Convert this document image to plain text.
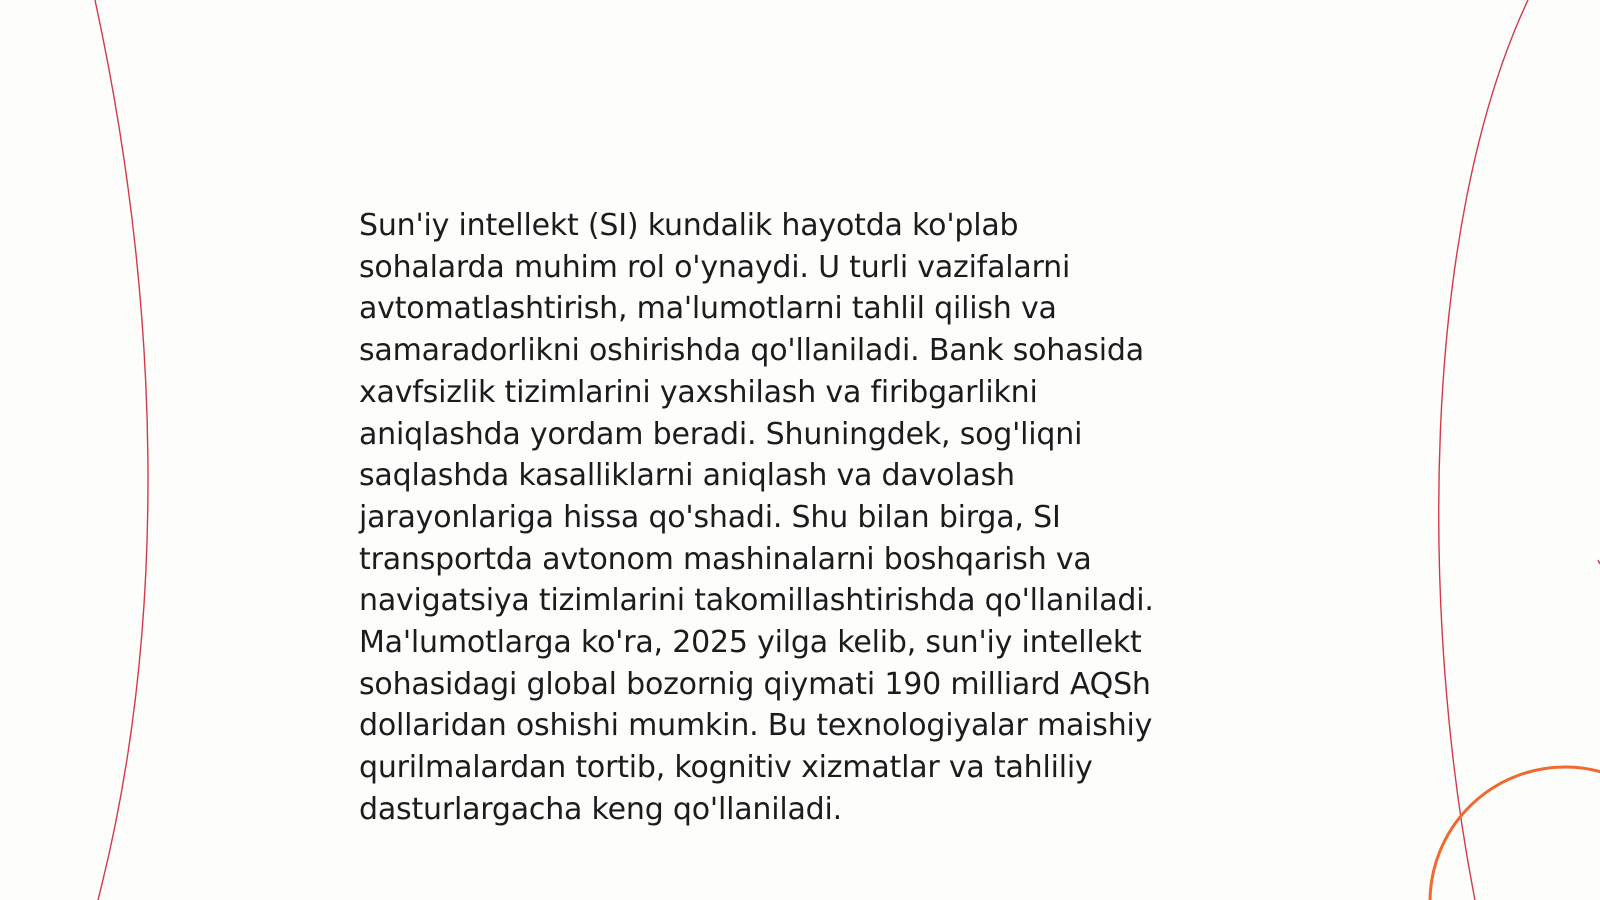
Sun'iy intellekt (SI) kundalik hayotda ko'plab
sohalarda muhim rol o'ynaydi. U turli vazifalarni
avtomatlashtirish, ma'lumotlarni tahlil qilish va
samaradorlikni oshirishda qo'llaniladi. Bank sohasida
xavfsizlik tizimlarini yaxshilash va firibgarlikni
aniqlashda yordam beradi. Shuningdek, sog'liqni
saqlashda kasalliklarni aniqlash va davolash
jarayonlariga hissa qo'shadi. Shu bilan birga, SI
transportda avtonom mashinalarni boshqarish va
navigatsiya tizimlarini takomillashtirishda qo'llaniladi.
Ma'lumotlarga ko'ra, 2025 yilga kelib, sun'iy intellekt
sohasidagi global bozornig qiymati 190 milliard AQSh
dollaridan oshishi mumkin. Bu texnologiyalar maishiy
qurilmalardan tortib, kognitiv xizmatlar va tahliliy
dasturlargacha keng qo'llaniladi.
